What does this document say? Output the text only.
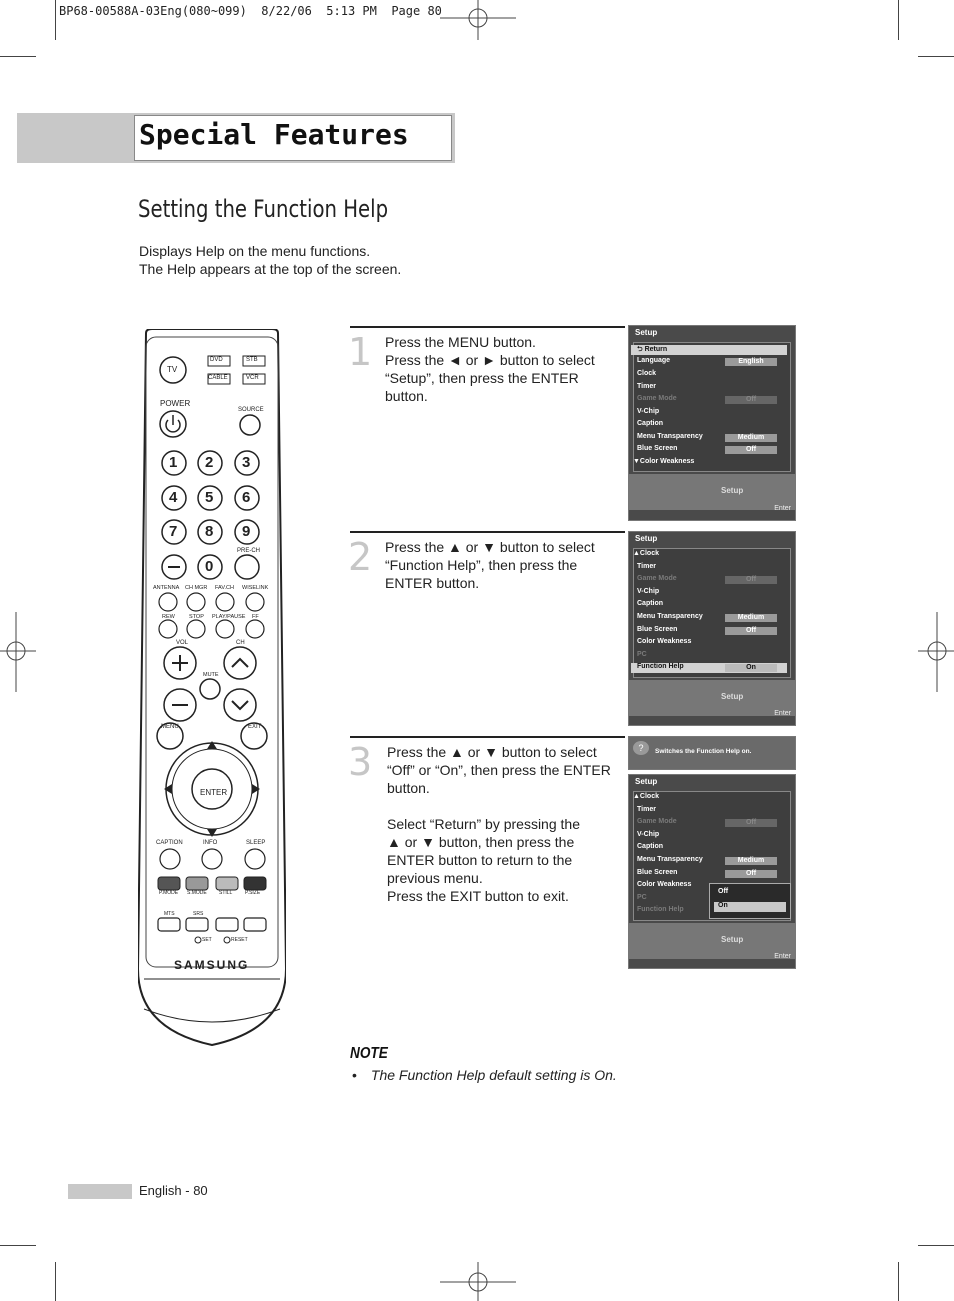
BP68-00588A-03Eng(080~099)  8/22/06  5:13 PM  Page 80
Special Features
Setting the Function Help
Displays Help on the menu functions.
The Help appears at the top of the screen.
TV
DVD	STB
CABLE	VCR
POWER
SOURCE
1 2 3
4 5 6
7 8 9
0
PRE-CH
ANTENNA CH MGR FAV.CH WISELINK
REW	STOP PLAY/PAUSE FF
VOL	CH
MUTE
MENU	EXIT
ENTER
CAPTION	INFO	SLEEP
P.MODE S.MODE STILL	P.SIZE
MTS	SRS
SET	RESET
SAMSUNG
1 Press the MENU button.
Press the ◄ or ► button to select
“Setup”, then press the ENTER
button.
2 Press the ▲ or ▼ button to select
“Function Help”, then press the
ENTER button.
3 Press the ▲ or ▼ button to select
“Off” or “On”, then press the ENTER
button.

Select “Return” by pressing the
▲ or ▼ button, then press the
ENTER button to return to the
previous menu.
Press the EXIT button to exit.
Setup
⮌ Return
Language	English
Clock
Timer
Game Mode	Off
V-Chip
Caption
Menu Transparency	Medium
Blue Screen	Off
▼Color Weakness
Setup
Enter
Setup
▲Clock
Timer
Game Mode	Off
V-Chip
Caption
Menu Transparency	Medium
Blue Screen	Off
Color Weakness
PC
Function Help	On
Setup
Enter
?	Switches the Function Help on.
Setup
▲Clock
Timer
Game Mode	Off
V-Chip
Caption
Menu Transparency	Medium
Blue Screen	Off
Color Weakness
PC
Function Help
Off
On
Setup
Enter
NOTE
• The Function Help default setting is On.
English - 80
